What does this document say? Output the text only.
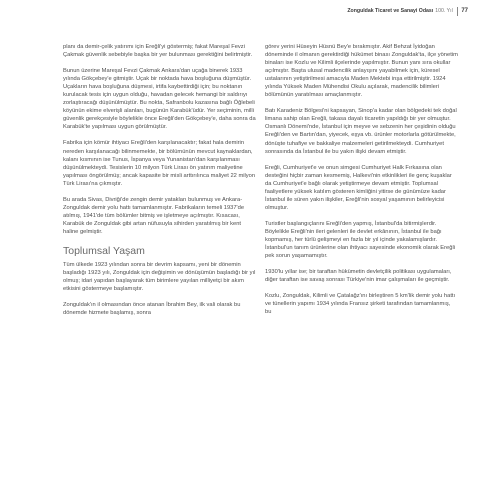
Zonguldak Ticaret ve Sanayi Odası 100. Yıl 77

planı da demir-çelik yatırımı için Ereğli'yi göstermiş; fakat Mareşal Fevzi Çakmak güvenlik sebebiyle başka bir yer bulunması gerektiğini belirtmiştir.

Bunun üzerine Mareşal Fevzi Çakmak Ankara'dan uçağa binerek 1933 yılında Gökçebey'e gitmiştir. Uçak bir noktada hava boşluğuna düşmüştür. Uçakların hava boşluğuna düşmesi, irtifa kaybettirdiği için; bu noktanın kurulacak tesis için uygun olduğu, havadan gelecek hemangi bir saldırıyı zorlaştıracağı düşünülmüştür. Bu nokta, Safranbolu kazasına bağlı Öğlebeli köyünün ekime elverişli alanları, bugünün Karabük'üdür. Yer seçiminin, milli güvenlik gerekçesiyle böylelikle önce Ereğli'den Gökçebey'e, daha sonra da Karabük'te yapılması uygun görülmüştür.

Fabrika için kömür ihtiyacı Ereğli'den karşılanacaktır; fakat hala demirin nereden karşılanacağı bilinmemekte, bir bölümünün mevcut kaynaklardan, kalanı kısmının ise Tunus, İspanya veya Yunanistan'dan karşılanması düşünülmekteydi. Tesislerin 10 milyon Türk Lirası ön yatırım maliyetine yapılması öngörülmüş; ancak kapasite bir misli arttırılınca maliyet 22 milyon Türk Lirası'na çıkmıştır.

Bu arada Sivas, Divriği'de zengin demir yatakları bulunmuş ve Ankara-Zonguldak demir yolu hattı tamamlanmıştır. Fabrikaların temeli 1937'de atılmış, 1941'de tüm bölümler bitmiş ve işletmeye açılmıştır. Kısacası, Karabük de Zonguldak gibi artan nüfusuyla sihirden yaratılmış bir kent haline gelmiştir.

Toplumsal Yaşam

Tüm ülkede 1923 yılından sonra bir devrim kapsamı, yeni bir dönemin başladığı 1923 yılı, Zonguldak için değişimin ve dönüşümün başladığı bir yıl olmuş; idari yapıdan başlayarak tüm birimlere yayılan milliyetçi bir akım etkisini göstermeye başlamıştır.

Zonguldak'ın il olmasından önce atanan İbrahim Bey, ilk vali olarak bu dönemde hizmete başlamış, sonra

görev yerini Hüseyin Hüsnü Bey'e bırakmıştır. Akif Behzat İyidoğan döneminde il olmanın gerektirdiği hükümet binası Zonguldak'ta, ilçe yönetim binaları ise Kozlu ve Kilimli ilçelerinde yapılmıştır. Bunun yanı sıra okullar açılmıştır. Başta ulusal madencilik anlayışını yayabilmek için, küresel ustalarının yetiştirilmesi amacıyla Maden Mektebi inşa ettirilmiştir. 1924 yılında Yüksek Maden Mühendisi Okulu açılarak, madencilik bilimleri bölümünün yaratılması amaçlanmıştır.

Batı Karadeniz Bölgesi'ni kapsayan, Sinop'a kadar olan bölgedeki tek doğal limana sahip olan Ereğli, takasa dayalı ticaretin yapıldığı bir yer olmuştur. Osmanlı Dönemi'nde, İstanbul için meyve ve sebzenin her çeşidinin olduğu Ereğli'den ve Bartın'dan, yiyecek, eşya vb. ürünler motorlarla götürülmekte, dönüşte tuhafiye ve bakkaliye malzemeleri getirilmekteydi. Cumhuriyet sonrasında da İstanbul ile bu yakın ilişki devam etmiştir.

Ereğli, Cumhuriyet'e ve onun simgesi Cumhuriyet Halk Fırkasına olan desteğini hiçbir zaman kesmemiş, Halkevi'nin etkinlikleri ile genç kuşaklar da Cumhuriyet'e bağlı olarak yetiştirmeye devam etmiştir. Toplumsal faaliyetlere yüksek katılım gösteren kimliğini yitirse de günümüze kadar İstanbul ile süren yakın ilişkiler, Ereğli'nin sosyal yaşamının belirleyicisi olmuştur.

Turistler başlangıçlarını Ereğli'den yapmış, İstanbul'da bitirmişlerdir. Böylelikle Ereğli'nin ileri gelenleri ile devlet erkânının, İstanbul ile bağı kopmamış, her türlü gelişmeyi en fazla bir yıl içinde yakalamışlardır. İstanbul'un tanım ürünlerine olan ihtiyacı sayesinde ekonomik olarak Ereğli pek sorun yaşamamıştır.

1930'lu yıllar ise; bir taraftan hükümetin devletçilik politikası uygulamaları, diğer taraftan ise savaş sonrası Türkiye'nin imar çalışmaları ile geçmiştir.

Kozlu, Zonguldak, Kilimli ve Çatalağz'ını birleştiren 5 km'lik demir yolu hattı ve tünellerin yapımı 1934 yılında Fransız şirketi tarafından tamamlanmış, bu
